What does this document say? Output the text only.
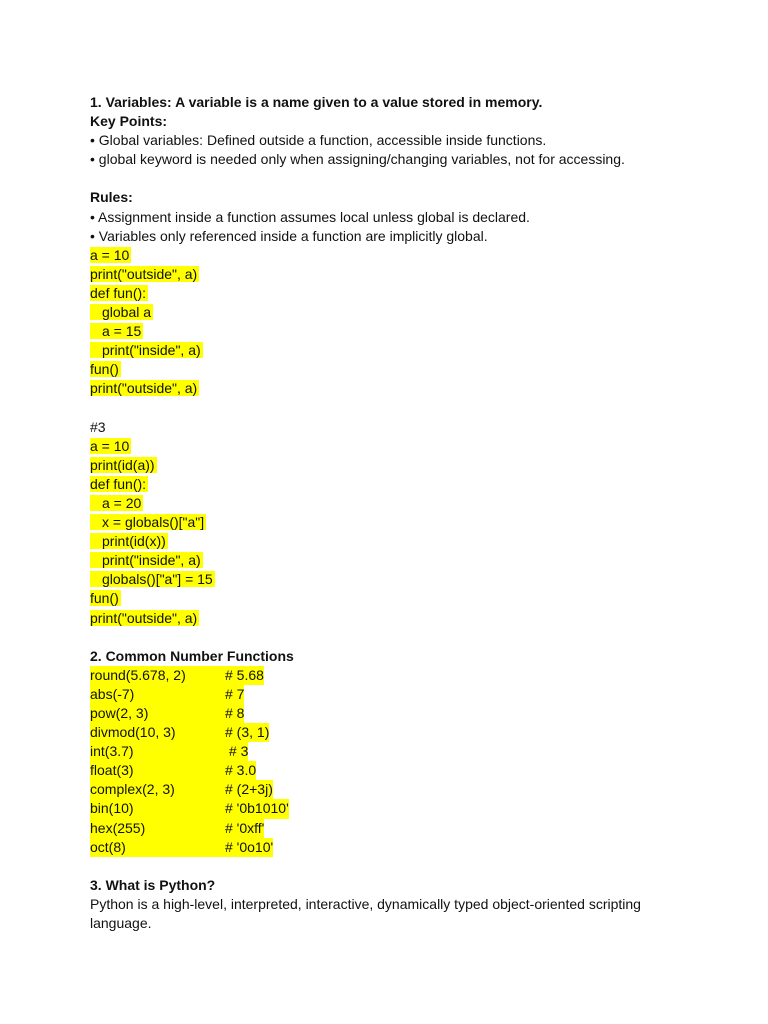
1. Variables: A variable is a name given to a value stored in memory.
Key Points:
• Global variables: Defined outside a function, accessible inside functions.
• global keyword is needed only when assigning/changing variables, not for accessing.
Rules:
• Assignment inside a function assumes local unless global is declared.
• Variables only referenced inside a function are implicitly global.
a = 10
print("outside", a)
def fun():
global a
a = 15
print("inside", a)
fun()
print("outside", a)
#3
a = 10
print(id(a))
def fun():
a = 20
x = globals()["a"]
print(id(x))
print("inside", a)
globals()["a"] = 15
fun()
print("outside", a)
2. Common Number Functions
round(5.678, 2)	# 5.68
abs(-7)	# 7
pow(2, 3)	# 8
divmod(10, 3)	# (3, 1)
int(3.7)	# 3
float(3)	# 3.0
complex(2, 3)	# (2+3j)
bin(10)	# '0b1010'
hex(255)	# '0xff'
oct(8)	# '0o10'
3. What is Python?
Python is a high-level, interpreted, interactive, dynamically typed object-oriented scripting language.
